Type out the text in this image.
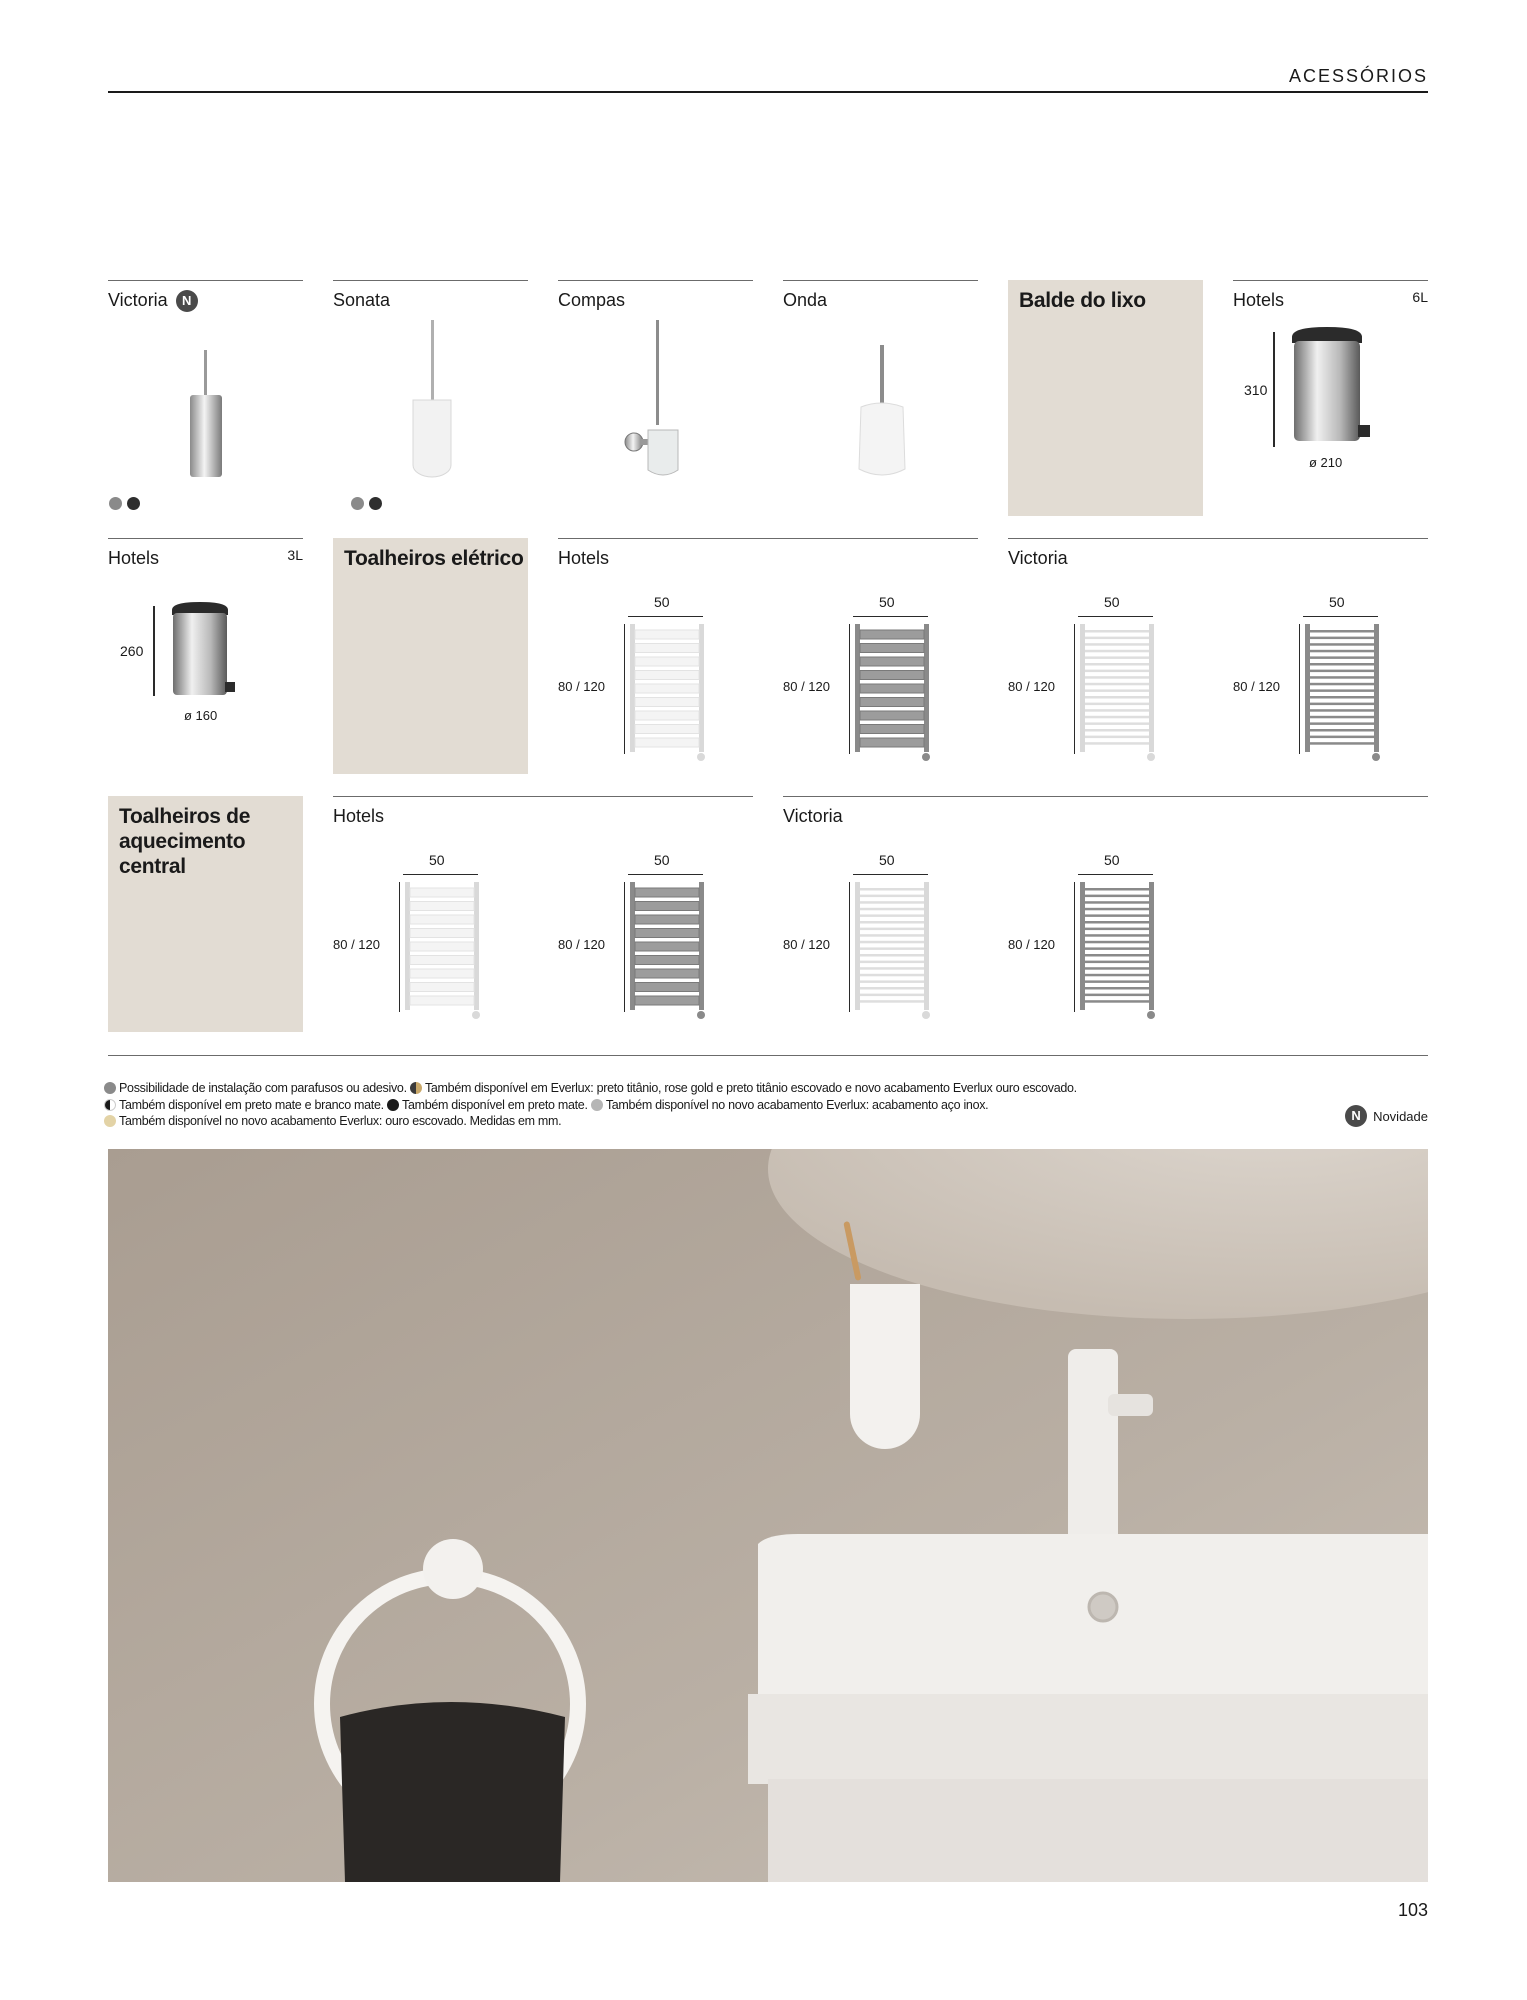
ACESSÓRIOS
Victoria N	Sonata	Compas	Onda	Balde do lixo	Hotels	6L
310
ø 210
Hotels	3L
260
ø 160
Toalheiros elétrico Hotels	Victoria
Toalheiros de aquecimento central
Hotels	Victoria
50
80 / 120
50
80 / 120
50
80 / 120
50
80 / 120
50
80 / 120
50
80 / 120
50
80 / 120
50
80 / 120
Possibilidade de instalação com parafusos ou adesivo. Também disponível em Everlux: preto titânio, rose gold e preto titânio escovado e novo acabamento Everlux ouro escovado.
Também disponível em preto mate e branco mate. Também disponível em preto mate. Também disponível no novo acabamento Everlux: acabamento aço inox.
Também disponível no novo acabamento Everlux: ouro escovado. Medidas em mm.	N Novidade
103
